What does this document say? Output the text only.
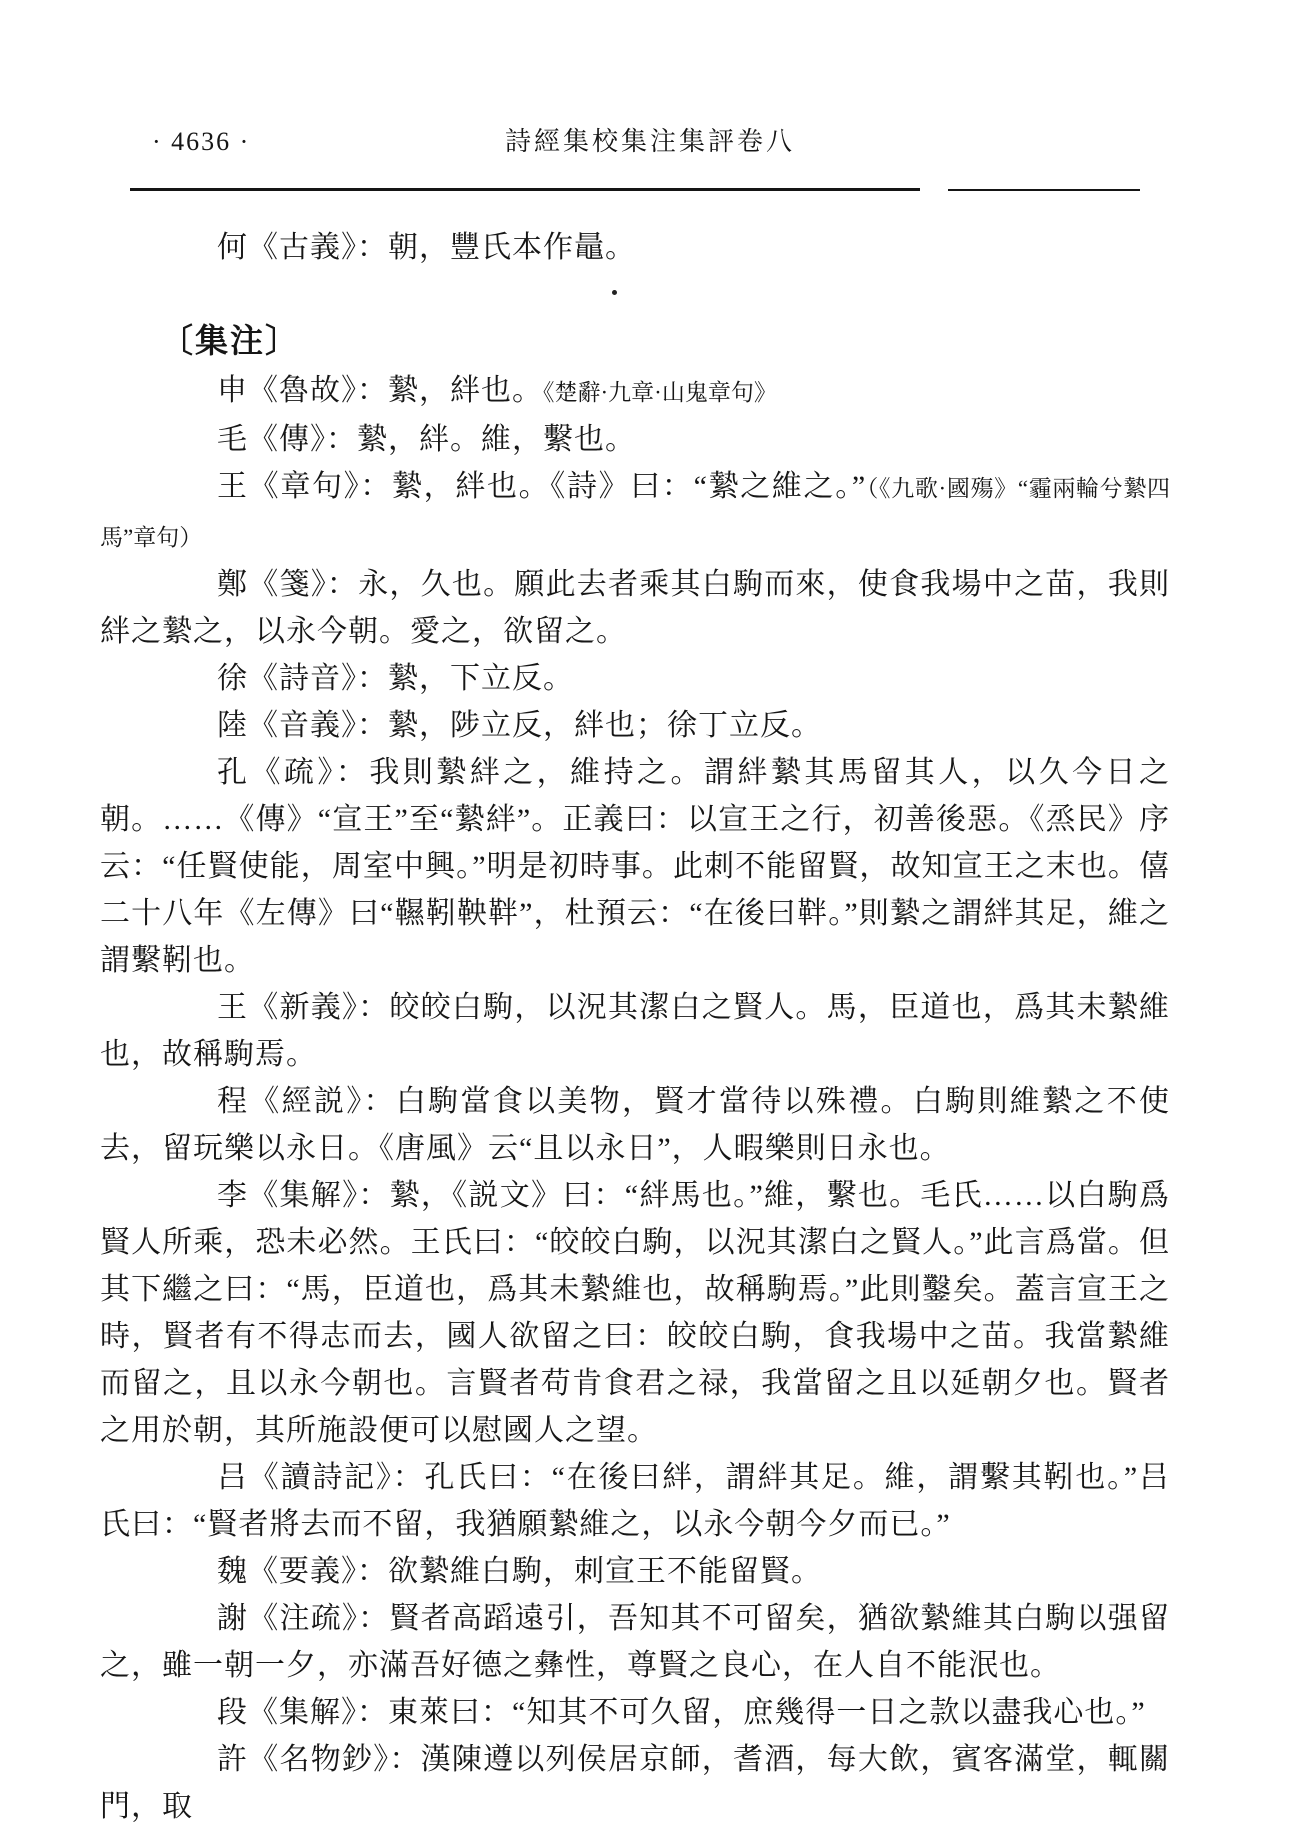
· 4636 ·	詩經集校集注集評卷八

何《古義》：朝，豐氏本作鼂。

〔集注〕

申《魯故》：縶，絆也。《楚辭·九章·山鬼章句》

毛《傳》：縶，絆。維，繫也。

王《章句》：縶，絆也。《詩》曰：“縶之維之。”（《九歌·國殤》“霾兩輪兮縶四馬”章句）

鄭《箋》：永，久也。願此去者乘其白駒而來，使食我場中之苗，我則絆之縶之，以永今朝。愛之，欲留之。

徐《詩音》：縶，下立反。

陸《音義》：縶，陟立反，絆也；徐丁立反。

孔《疏》：我則縶絆之，維持之。謂絆縶其馬留其人，以久今日之朝。……《傳》“宣王”至“縶絆”。正義曰：以宣王之行，初善後惡。《烝民》序云：“任賢使能，周室中興。”明是初時事。此刺不能留賢，故知宣王之末也。僖二十八年《左傳》曰“韅靷鞅靽”，杜預云：“在後曰靽。”則縶之謂絆其足，維之謂繫靷也。

王《新義》：皎皎白駒，以況其潔白之賢人。馬，臣道也，爲其未縶維也，故稱駒焉。

程《經説》：白駒當食以美物，賢才當待以殊禮。白駒則維縶之不使去，留玩樂以永日。《唐風》云“且以永日”，人暇樂則日永也。

李《集解》：縶，《説文》曰：“絆馬也。”維，繫也。毛氏……以白駒爲賢人所乘，恐未必然。王氏曰：“皎皎白駒，以況其潔白之賢人。”此言爲當。但其下繼之曰：“馬，臣道也，爲其未縶維也，故稱駒焉。”此則鑿矣。蓋言宣王之時，賢者有不得志而去，國人欲留之曰：皎皎白駒，食我場中之苗。我當縶維而留之，且以永今朝也。言賢者苟肯食君之禄，我當留之且以延朝夕也。賢者之用於朝，其所施設便可以慰國人之望。

吕《讀詩記》：孔氏曰：“在後曰絆，謂絆其足。維，謂繫其靷也。”吕氏曰：“賢者將去而不留，我猶願縶維之，以永今朝今夕而已。”

魏《要義》：欲縶維白駒，刺宣王不能留賢。

謝《注疏》：賢者高蹈遠引，吾知其不可留矣，猶欲縶維其白駒以强留之，雖一朝一夕，亦滿吾好德之彝性，尊賢之良心，在人自不能泯也。

段《集解》：東萊曰：“知其不可久留，庶幾得一日之款以盡我心也。”

許《名物鈔》：漢陳遵以列侯居京師，耆酒，每大飲，賓客滿堂，輒關門，取
